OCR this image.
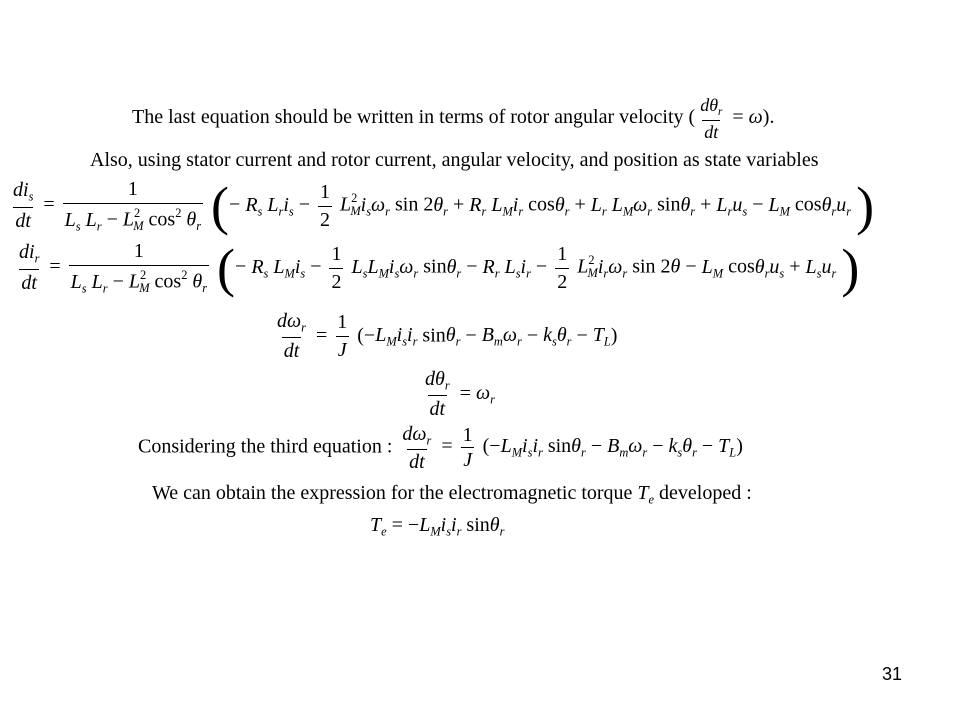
The last equation should be written in terms of rotor angular velocity ( $\frac{d\theta_r}{dt} = \omega$).
Also, using stator current and rotor current, angular velocity, and position as state variables
$\frac{di_s}{dt} = \frac{1}{L_s L_r - L^2_M \cos^2 \theta_r}$ (− $R_s$ $L_ri_s - \frac{1}{2} L^2_Mi_s\omega_r$ $\sin 2\theta_r + R_r$ $L_Mi_r$ $\cos\theta_r + L_r$ $L_M\omega_r$ $\sin\theta_r + L_ru_s - L_M$ $\cos\theta_ru_r$ )
$\frac{di_r}{dt} = \frac{1}{L_s L_r - L^2_M \cos^2 \theta_r}$ (− $R_s$ $L_Mi_s - \frac{1}{2} L_sL_Mi_s\omega_r$ $\sin\theta_r - R_r$ $L_si_r - \frac{1}{2} L^2_Mi_r\omega_r$ $\sin 2\theta - L_M$ $\cos\theta_ru_s + L_su_r$ )
$\frac{d\omega_r}{dt} = \frac{1}{J} (-L_Mi_si_r$ $\sin\theta_r - B_m\omega_r - k_s\theta_r - T_L$)
$\frac{d\theta_r}{dt} = \omega_r$
Considering the third equation : $\frac{d\omega_r}{dt} = \frac{1}{J} (-L_Mi_si_r$ $\sin\theta_r - B_m\omega_r - k_s\theta_r - T_L$)
We can obtain the expression for the electromagnetic torque $T_e$ developed :
$T_e = -L_Mi_si_r$ sinθ$_r$
31
